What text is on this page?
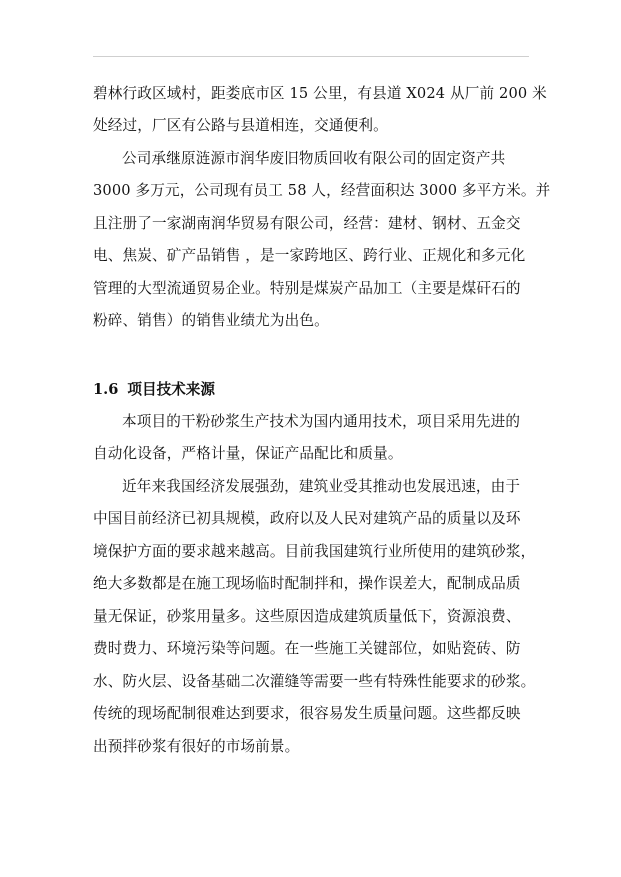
碧林行政区域村，距娄底市区 15 公里，有县道 X024 从厂前 200 米
处经过，厂区有公路与县道相连，交通便利。
公司承继原涟源市润华废旧物质回收有限公司的固定资产共
3000 多万元，公司现有员工 58 人，经营面积达 3000 多平方米。并
且注册了一家湖南润华贸易有限公司，经营：建材、钢材、五金交
电、焦炭、矿产品销售 ，是一家跨地区、跨行业、正规化和多元化
管理的大型流通贸易企业。特别是煤炭产品加工（主要是煤矸石的
粉碎、销售）的销售业绩尤为出色。
1.6 项目技术来源
本项目的干粉砂浆生产技术为国内通用技术，项目采用先进的
自动化设备，严格计量，保证产品配比和质量。
近年来我国经济发展强劲，建筑业受其推动也发展迅速，由于
中国目前经济已初具规模，政府以及人民对建筑产品的质量以及环
境保护方面的要求越来越高。目前我国建筑行业所使用的建筑砂浆，
绝大多数都是在施工现场临时配制拌和，操作误差大，配制成品质
量无保证，砂浆用量多。这些原因造成建筑质量低下，资源浪费、
费时费力、环境污染等问题。在一些施工关键部位，如贴瓷砖、防
水、防火层、设备基础二次灌缝等需要一些有特殊性能要求的砂浆。
传统的现场配制很难达到要求，很容易发生质量问题。这些都反映
出预拌砂浆有很好的市场前景。
